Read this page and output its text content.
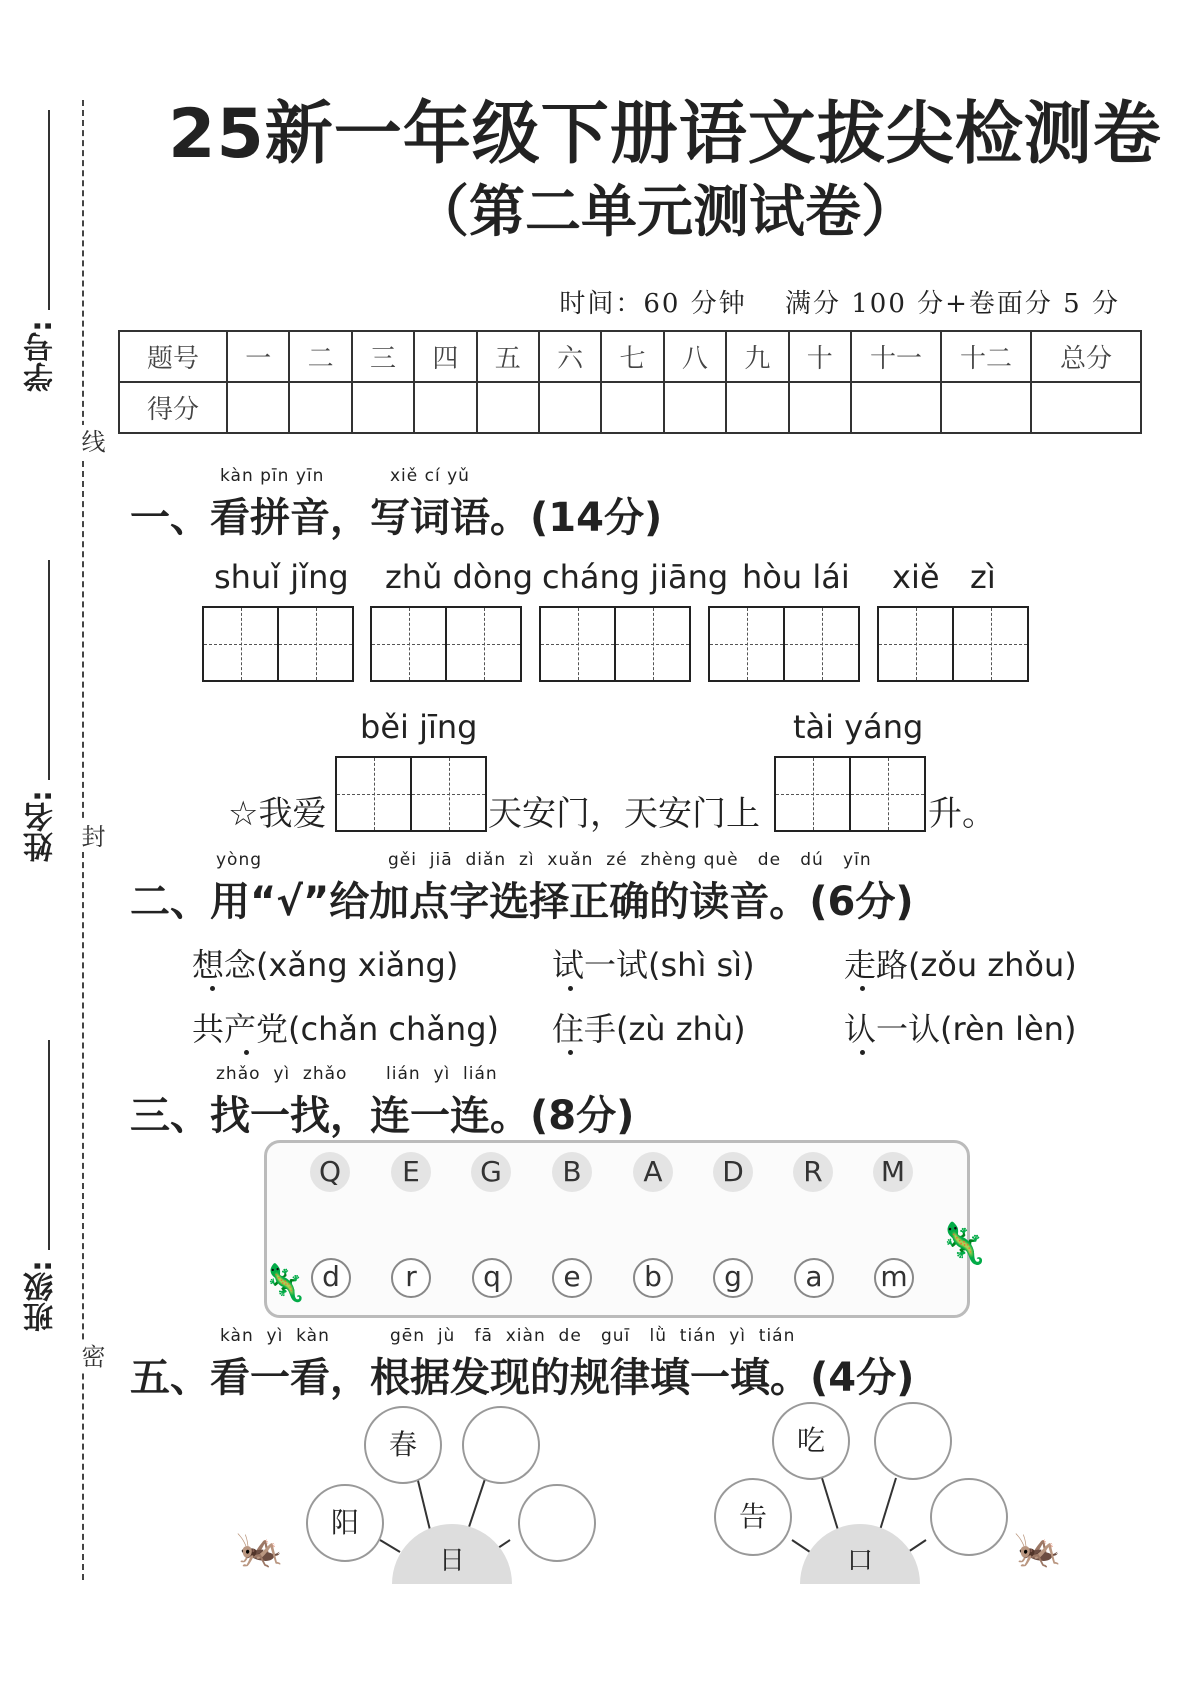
学号:
姓名:
班级:
线
封
密
25新一年级下册语文拔尖检测卷
（第二单元测试卷）
时间：60 分钟　 满分 100 分+卷面分 5 分
题号	一	二	三	四	五	六	七	八	九	十	十一	十二	总分
得分													
kàn pīn yīn	xiě cí yǔ
一、看拼音，写词语。(14分)
shuǐ jǐng zhǔ dòng cháng jiāng hòu lái xiě   zì
běi jīng	tài yáng
☆我爱	天安门，天安门上	升。
yòng	gěi  jiā  diǎn  zì  xuǎn  zé  zhèng què   de   dú   yīn
二、用“√”给加点字选择正确的读音。(6分)
想念(xǎng xiǎng)	试一试(shì sì)	走路(zǒu zhǒu)
共产党(chǎn chǎng) 住手(zù zhù)	认一认(rèn lèn)
zhǎo  yì  zhǎo lián  yì  lián
三、找一找，连一连。(8分)
Q	E	G	B	A	D	R	M
d	r	q	e	b	g	a	m
🦎
🦎
kàn  yì  kàn	gēn  jù   fā  xiàn  de   guī   lǜ  tián  yì  tián
五、看一看，根据发现的规律填一填。(4分)
日
阳
春
口
告
吃
🦗	🦗
